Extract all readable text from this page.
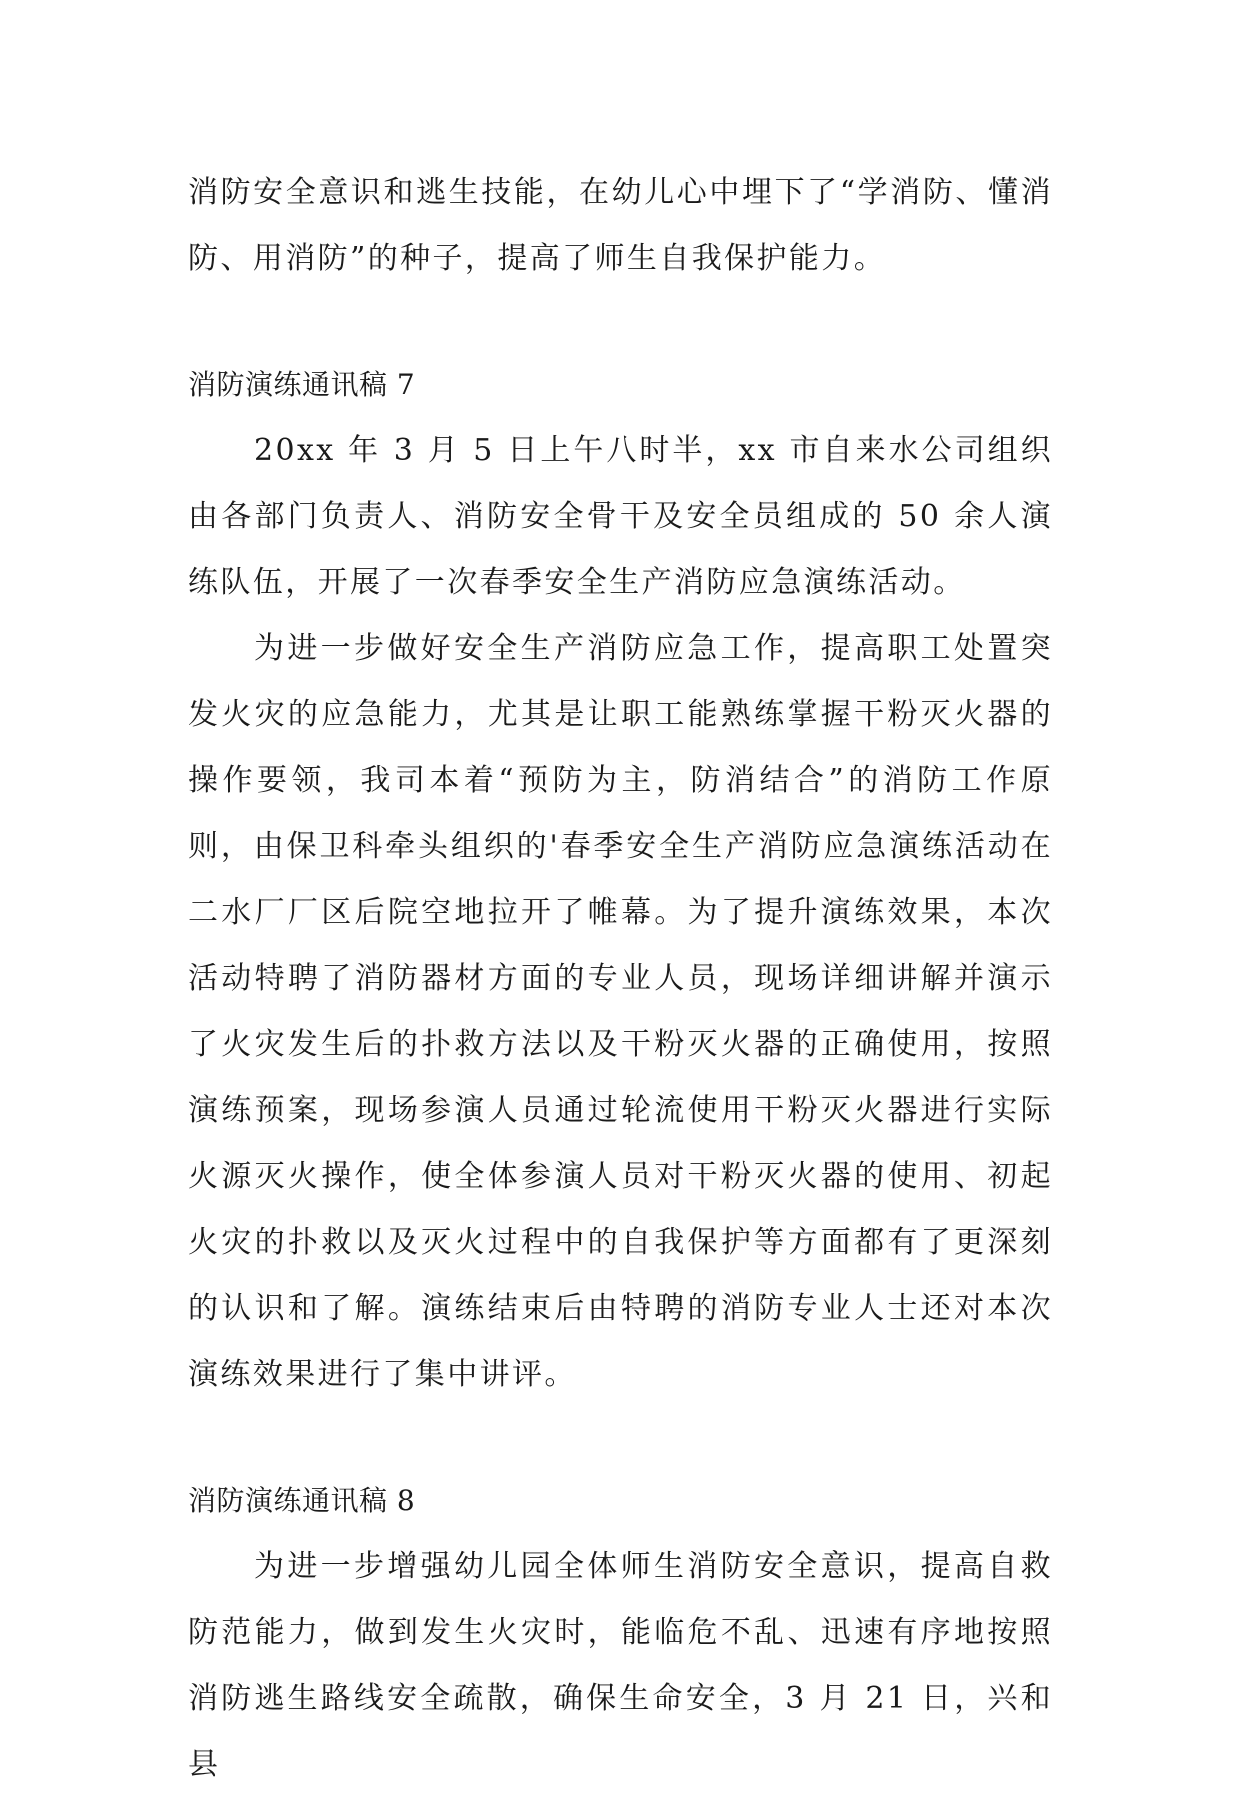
消防安全意识和逃生技能，在幼儿心中埋下了“学消防、懂消防、用消防”的种子，提高了师生自我保护能力。

消防演练通讯稿 7

20xx 年 3 月 5 日上午八时半，xx 市自来水公司组织由各部门负责人、消防安全骨干及安全员组成的 50 余人演练队伍，开展了一次春季安全生产消防应急演练活动。

为进一步做好安全生产消防应急工作，提高职工处置突发火灾的应急能力，尤其是让职工能熟练掌握干粉灭火器的操作要领，我司本着“预防为主，防消结合”的消防工作原则，由保卫科牵头组织的'春季安全生产消防应急演练活动在二水厂厂区后院空地拉开了帷幕。为了提升演练效果，本次活动特聘了消防器材方面的专业人员，现场详细讲解并演示了火灾发生后的扑救方法以及干粉灭火器的正确使用，按照演练预案，现场参演人员通过轮流使用干粉灭火器进行实际火源灭火操作，使全体参演人员对干粉灭火器的使用、初起火灾的扑救以及灭火过程中的自我保护等方面都有了更深刻的认识和了解。演练结束后由特聘的消防专业人士还对本次演练效果进行了集中讲评。

消防演练通讯稿 8

为进一步增强幼儿园全体师生消防安全意识，提高自救防范能力，做到发生火灾时，能临危不乱、迅速有序地按照消防逃生路线安全疏散，确保生命安全，3 月 21 日，兴和县
